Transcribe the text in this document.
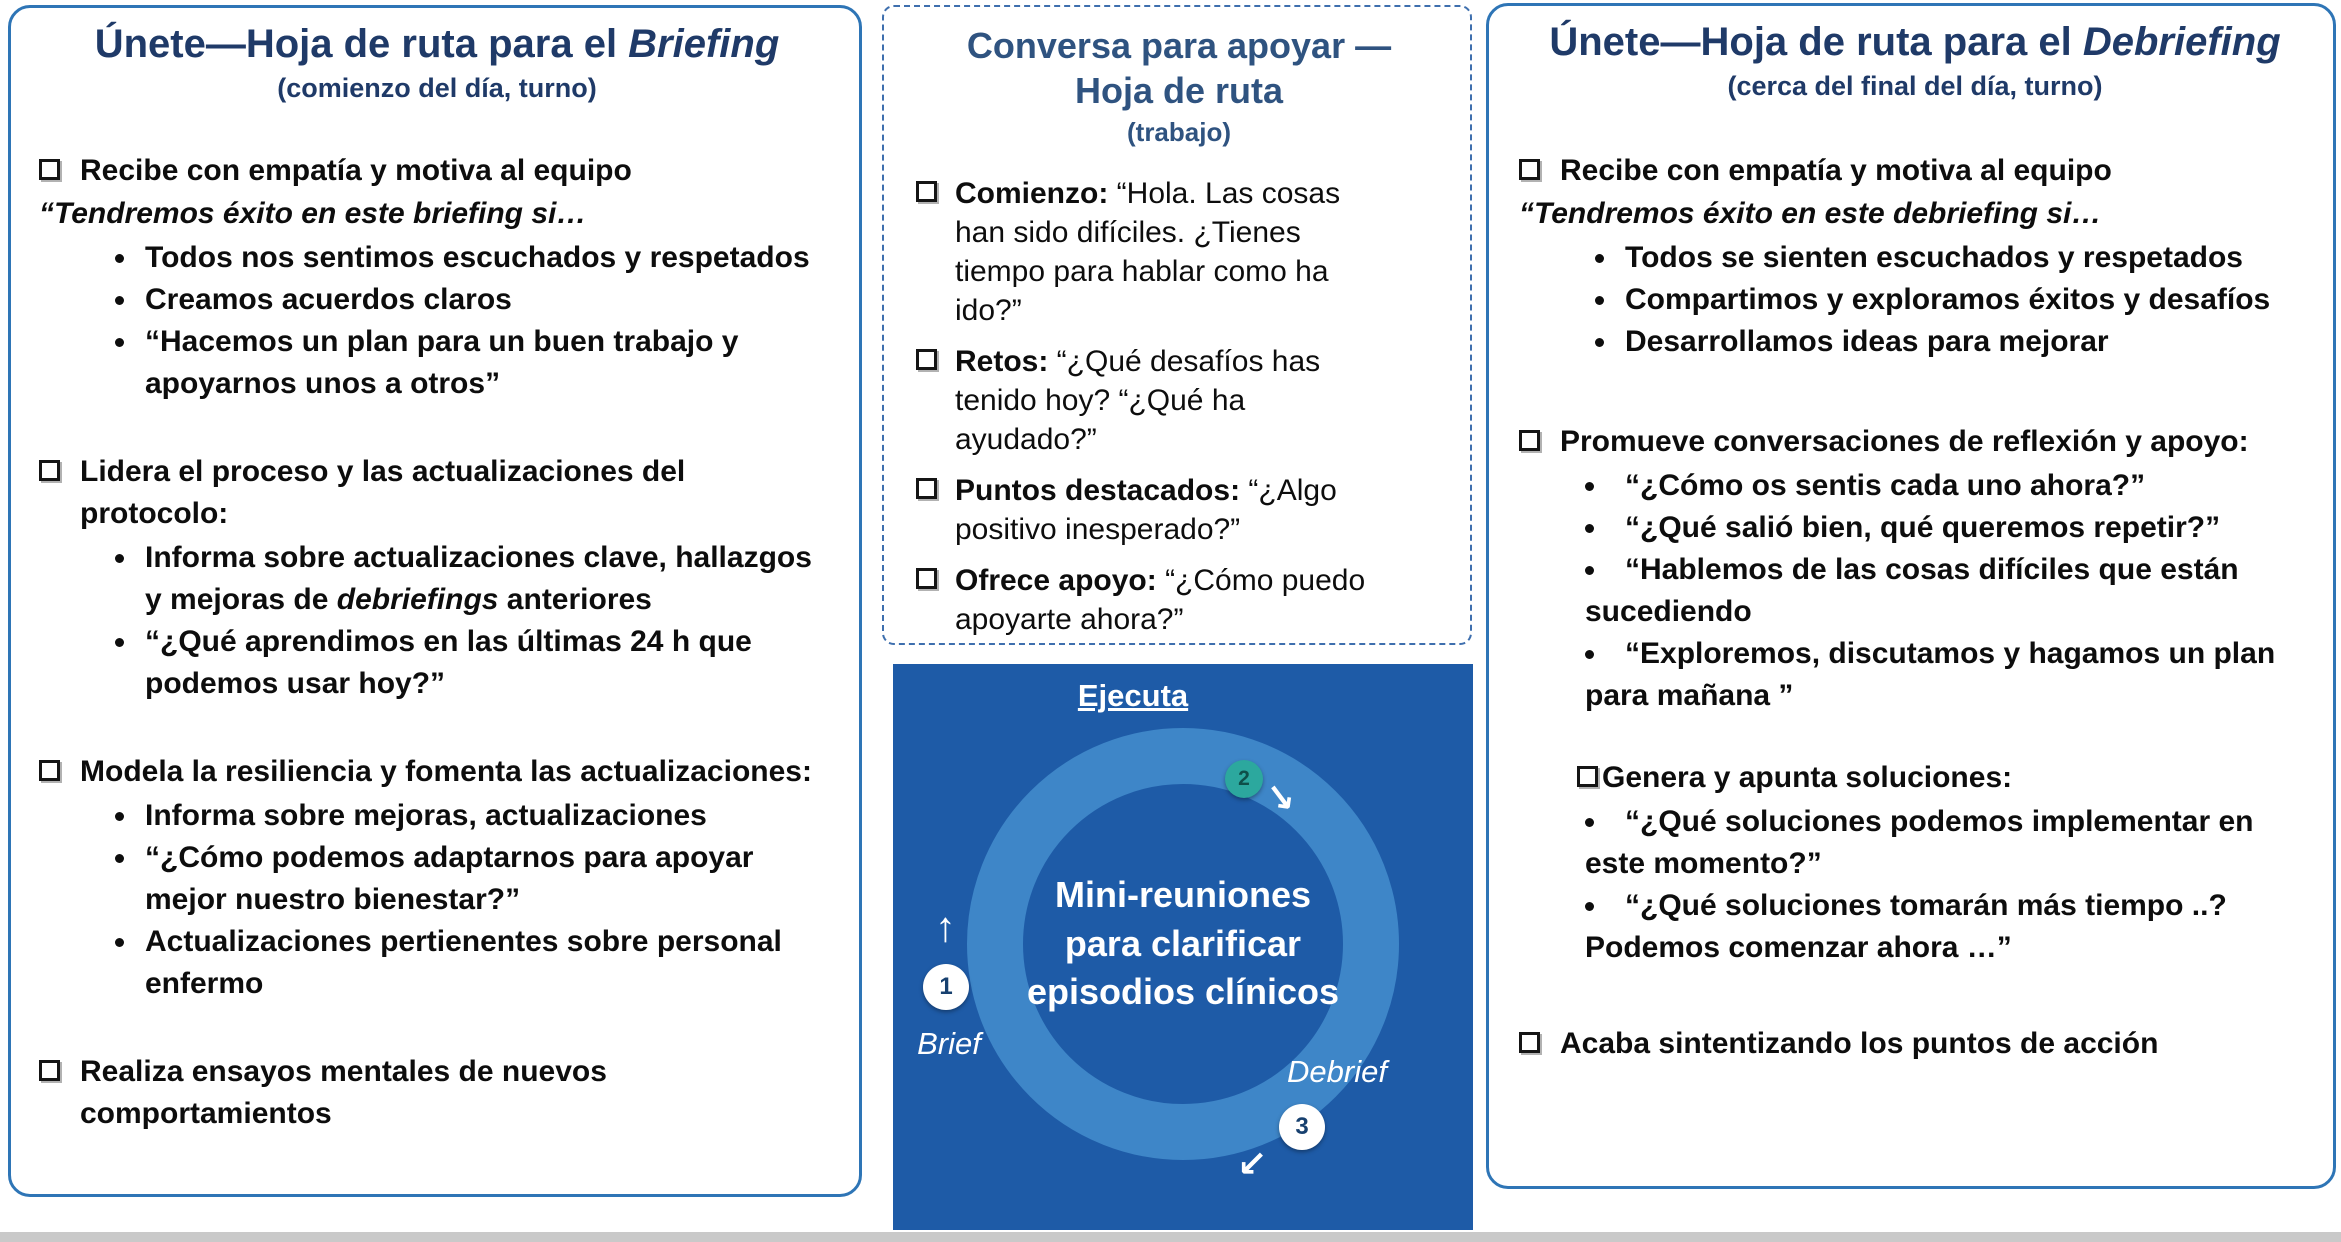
Únete—Hoja de ruta para el Briefing
(comienzo del día, turno)
Recibe con empatía y motiva al equipo
“Tendremos éxito en este briefing si…
• Todos nos sentimos escuchados y respetados
• Creamos acuerdos claros
• “Hacemos un plan para un buen trabajo y apoyarnos unos a otros”
Lidera el proceso y las actualizaciones del protocolo:
• Informa sobre actualizaciones clave, hallazgos y mejoras de debriefings anteriores
• “¿Qué aprendimos en las últimas 24 h que podemos usar hoy?”
Modela la resiliencia y fomenta las actualizaciones:
• Informa sobre mejoras, actualizaciones
• “¿Cómo podemos adaptarnos para apoyar mejor nuestro bienestar?”
• Actualizaciones pertienentes sobre personal enfermo
Realiza ensayos mentales de nuevos comportamientos
Conversa para apoyar —
Hoja de ruta
(trabajo)
Comienzo: “Hola. Las cosas han sido difíciles. ¿Tienes tiempo para hablar como ha ido?”
Retos: “¿Qué desafíos has tenido hoy? “¿Qué ha ayudado?”
Puntos destacados: “¿Algo positivo inesperado?”
Ofrece apoyo: “¿Cómo puedo apoyarte ahora?”
Ejecuta
Mini-reuniones
para clarificar
episodios clínicos
↑
1
Brief
2 ↘
Debrief
3
↙
Únete—Hoja de ruta para el Debriefing
(cerca del final del día, turno)
Recibe con empatía y motiva al equipo
“Tendremos éxito en este debriefing si…
• Todos se sienten escuchados y respetados
• Compartimos y exploramos éxitos y desafíos
• Desarrollamos ideas para mejorar
Promueve conversaciones de reflexión y apoyo:
• “¿Cómo os sentis cada uno ahora?”
• “¿Qué salió bien, qué queremos repetir?”
• “Hablemos de las cosas difíciles que están sucediendo
• “Exploremos, discutamos y hagamos un plan para mañana ”
Genera y apunta soluciones:
• “¿Qué soluciones podemos implementar en este momento?”
• “¿Qué soluciones tomarán más tiempo ..? Podemos comenzar ahora …”
Acaba sintentizando los puntos de acción
